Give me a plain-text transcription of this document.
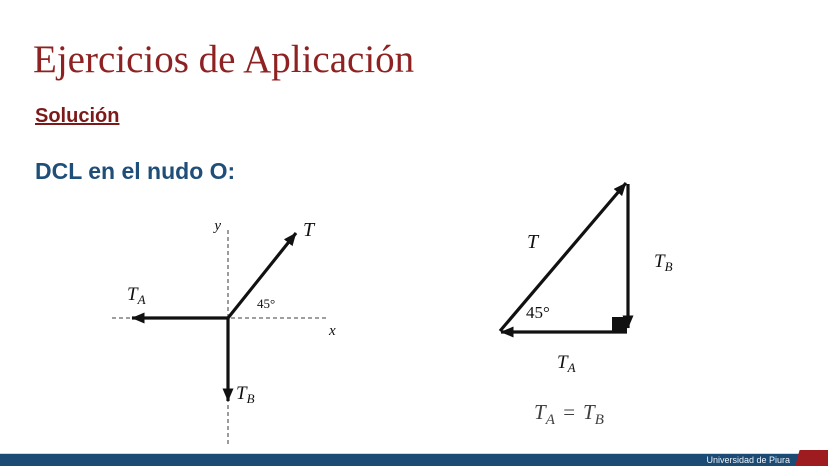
Ejercicios de Aplicación
Solución
DCL en el nudo O:
y
x
T
45°
$T_A$
$T_B$
T
45°
$T_B$
$T_A$
$T_A = T_B$
Universidad de Piura
